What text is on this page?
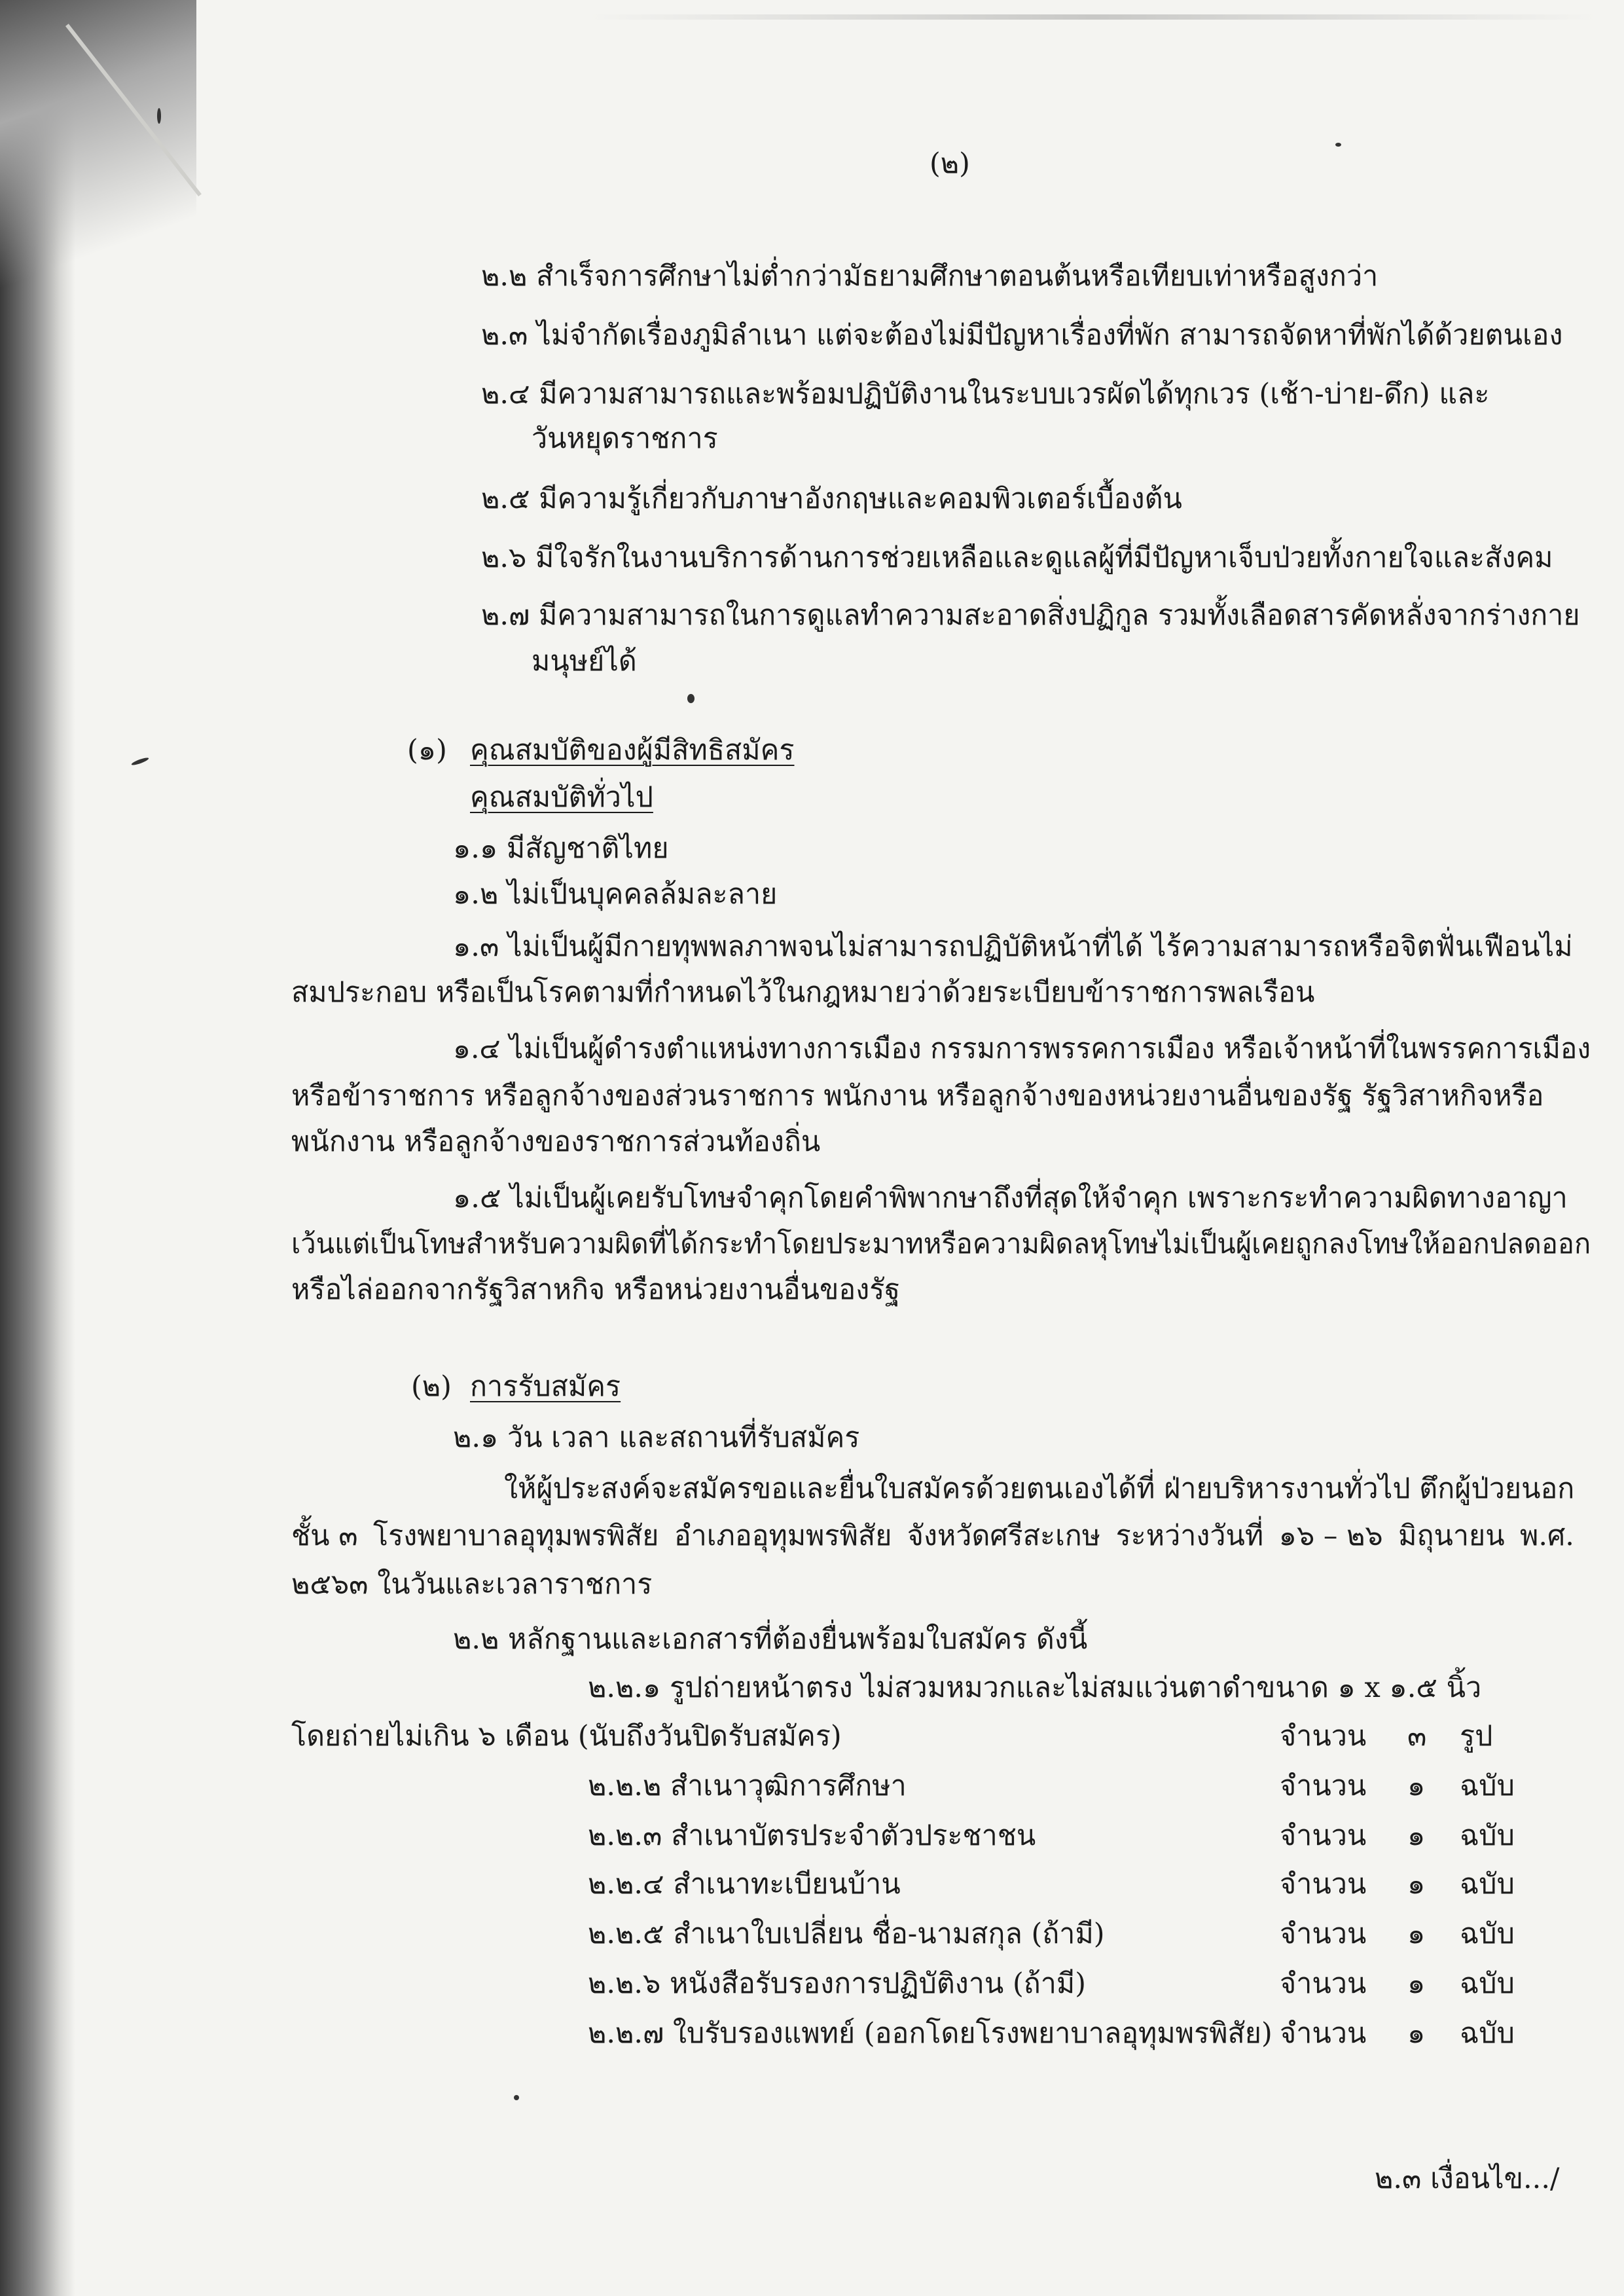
(๒)
๒.๒ สำเร็จการศึกษาไม่ต่ำกว่ามัธยามศึกษาตอนต้นหรือเทียบเท่าหรือสูงกว่า
๒.๓ ไม่จำกัดเรื่องภูมิลำเนา แต่จะต้องไม่มีปัญหาเรื่องที่พัก สามารถจัดหาที่พักได้ด้วยตนเอง
๒.๔ มีความสามารถและพร้อมปฏิบัติงานในระบบเวรผัดได้ทุกเวร (เช้า-บ่าย-ดึก) และ
วันหยุดราชการ
๒.๕ มีความรู้เกี่ยวกับภาษาอังกฤษและคอมพิวเตอร์เบื้องต้น
๒.๖ มีใจรักในงานบริการด้านการช่วยเหลือและดูแลผู้ที่มีปัญหาเจ็บป่วยทั้งกายใจและสังคม
๒.๗ มีความสามารถในการดูแลทำความสะอาดสิ่งปฏิกูล รวมทั้งเลือดสารคัดหลั่งจากร่างกาย
มนุษย์ได้
(๑) คุณสมบัติของผู้มีสิทธิสมัคร
คุณสมบัติทั่วไป
๑.๑ มีสัญชาติไทย
๑.๒ ไม่เป็นบุคคลล้มละลาย
๑.๓ ไม่เป็นผู้มีกายทุพพลภาพจนไม่สามารถปฏิบัติหน้าที่ได้ ไร้ความสามารถหรือจิตฟั่นเฟือนไม่
สมประกอบ หรือเป็นโรคตามที่กำหนดไว้ในกฎหมายว่าด้วยระเบียบข้าราชการพลเรือน
๑.๔ ไม่เป็นผู้ดำรงตำแหน่งทางการเมือง กรรมการพรรคการเมือง หรือเจ้าหน้าที่ในพรรคการเมือง
หรือข้าราชการ หรือลูกจ้างของส่วนราชการ พนักงาน หรือลูกจ้างของหน่วยงานอื่นของรัฐ รัฐวิสาหกิจหรือ
พนักงาน หรือลูกจ้างของราชการส่วนท้องถิ่น
๑.๕ ไม่เป็นผู้เคยรับโทษจำคุกโดยคำพิพากษาถึงที่สุดให้จำคุก เพราะกระทำความผิดทางอาญา
เว้นแต่เป็นโทษสำหรับความผิดที่ได้กระทำโดยประมาทหรือความผิดลหุโทษไม่เป็นผู้เคยถูกลงโทษให้ออกปลดออก
หรือไล่ออกจากรัฐวิสาหกิจ หรือหน่วยงานอื่นของรัฐ
(๒) การรับสมัคร
๒.๑ วัน เวลา และสถานที่รับสมัคร
ให้ผู้ประสงค์จะสมัครขอและยื่นใบสมัครด้วยตนเองได้ที่ ฝ่ายบริหารงานทั่วไป ตึกผู้ป่วยนอก
ชั้น ๓ โรงพยาบาลอุทุมพรพิสัย อำเภออุทุมพรพิสัย จังหวัดศรีสะเกษ ระหว่างวันที่ ๑๖ – ๒๖ มิถุนายน พ.ศ.
๒๕๖๓ ในวันและเวลาราชการ
๒.๒ หลักฐานและเอกสารที่ต้องยื่นพร้อมใบสมัคร ดังนี้
๒.๒.๑ รูปถ่ายหน้าตรง ไม่สวมหมวกและไม่สมแว่นตาดำขนาด ๑ x ๑.๕ นิ้ว
โดยถ่ายไม่เกิน ๖ เดือน (นับถึงวันปิดรับสมัคร)	จำนวน ๓ รูป
๒.๒.๒ สำเนาวุฒิการศึกษา	จำนวน ๑ ฉบับ
๒.๒.๓ สำเนาบัตรประจำตัวประชาชน	จำนวน ๑ ฉบับ
๒.๒.๔ สำเนาทะเบียนบ้าน	จำนวน ๑ ฉบับ
๒.๒.๕ สำเนาใบเปลี่ยน ชื่อ-นามสกุล (ถ้ามี)	จำนวน ๑ ฉบับ
๒.๒.๖ หนังสือรับรองการปฏิบัติงาน (ถ้ามี)	จำนวน ๑ ฉบับ
๒.๒.๗ ใบรับรองแพทย์ (ออกโดยโรงพยาบาลอุทุมพรพิสัย) จำนวน ๑ ฉบับ
๒.๓ เงื่อนไข.../
